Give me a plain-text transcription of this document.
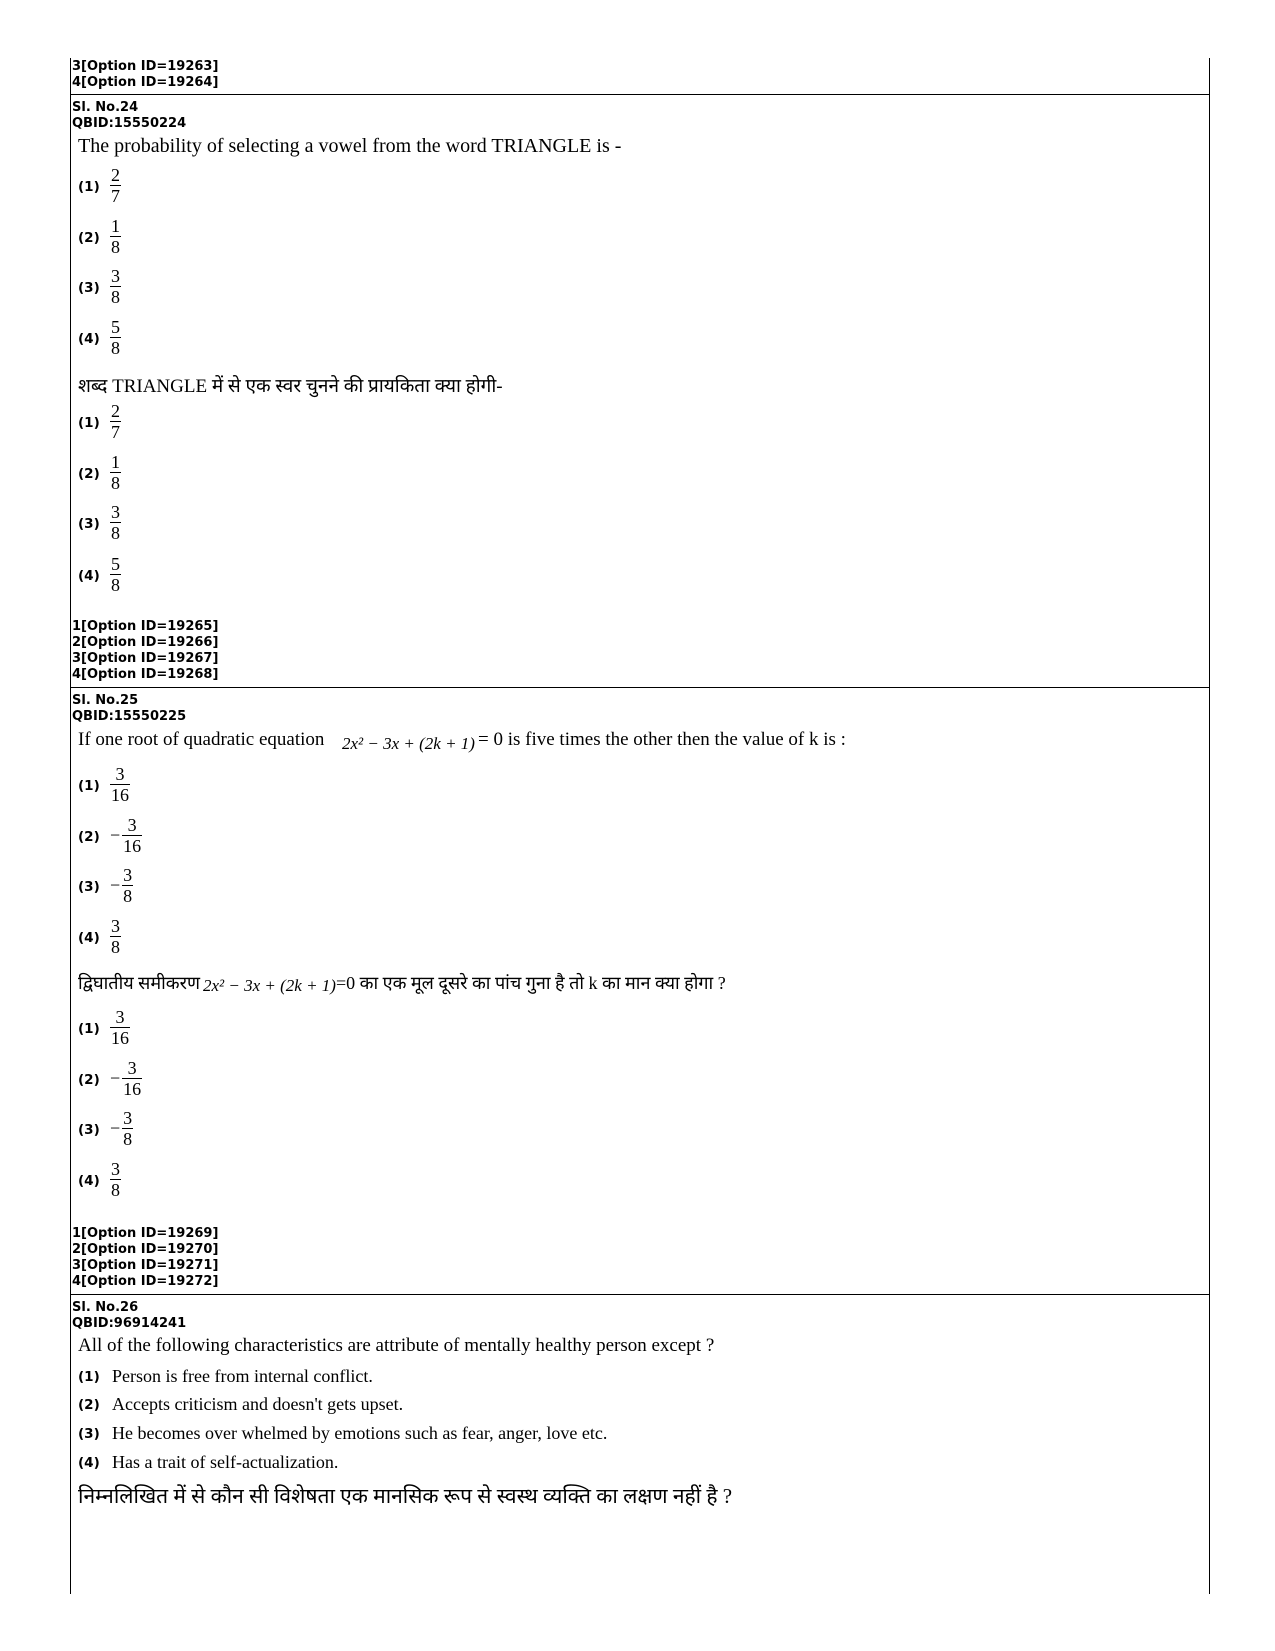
3[Option ID=19263]
4[Option ID=19264]
Sl. No.24
QBID:15550224
The probability of selecting a vowel from the word TRIANGLE is -
$(1) \frac{2}{7}$
$(2) \frac{1}{8}$
$(3) \frac{3}{8}$
$(4) \frac{5}{8}$
शब्द TRIANGLE में से एक स्वर चुनने की प्रायकिता क्या होगी-
$(1) \frac{2}{7}$
$(2) \frac{1}{8}$
$(3) \frac{3}{8}$
$(4) \frac{5}{8}$
1[Option ID=19265]
2[Option ID=19266]
3[Option ID=19267]
4[Option ID=19268]
Sl. No.25
QBID:15550225
If one root of quadratic equation 2x² − 3x + (2k + 1) = 0 is five times the other then the value of k is :
$(1) \frac{3}{16}$
$(2) - \frac{3}{16}$
$(3) - \frac{3}{8}$
$(4) \frac{3}{8}$
द्विघातीय समीकरण 2x² − 3x + (2k + 1) =0 का एक मूल दूसरे का पांच गुना है तो k का मान क्या होगा ?
$(1) \frac{3}{16}$
$(2) - \frac{3}{16}$
$(3) - \frac{3}{8}$
$(4) \frac{3}{8}$
1[Option ID=19269]
2[Option ID=19270]
3[Option ID=19271]
4[Option ID=19272]
Sl. No.26
QBID:96914241
All of the following characteristics are attribute of mentally healthy person except ?
(1) Person is free from internal conflict.
(2) Accepts criticism and doesn't gets upset.
(3) He becomes over whelmed by emotions such as fear, anger, love etc.
(4) Has a trait of self-actualization.
निम्नलिखित में से कौन सी विशेषता एक मानसिक रूप से स्वस्थ व्यक्ति का लक्षण नहीं है ?
